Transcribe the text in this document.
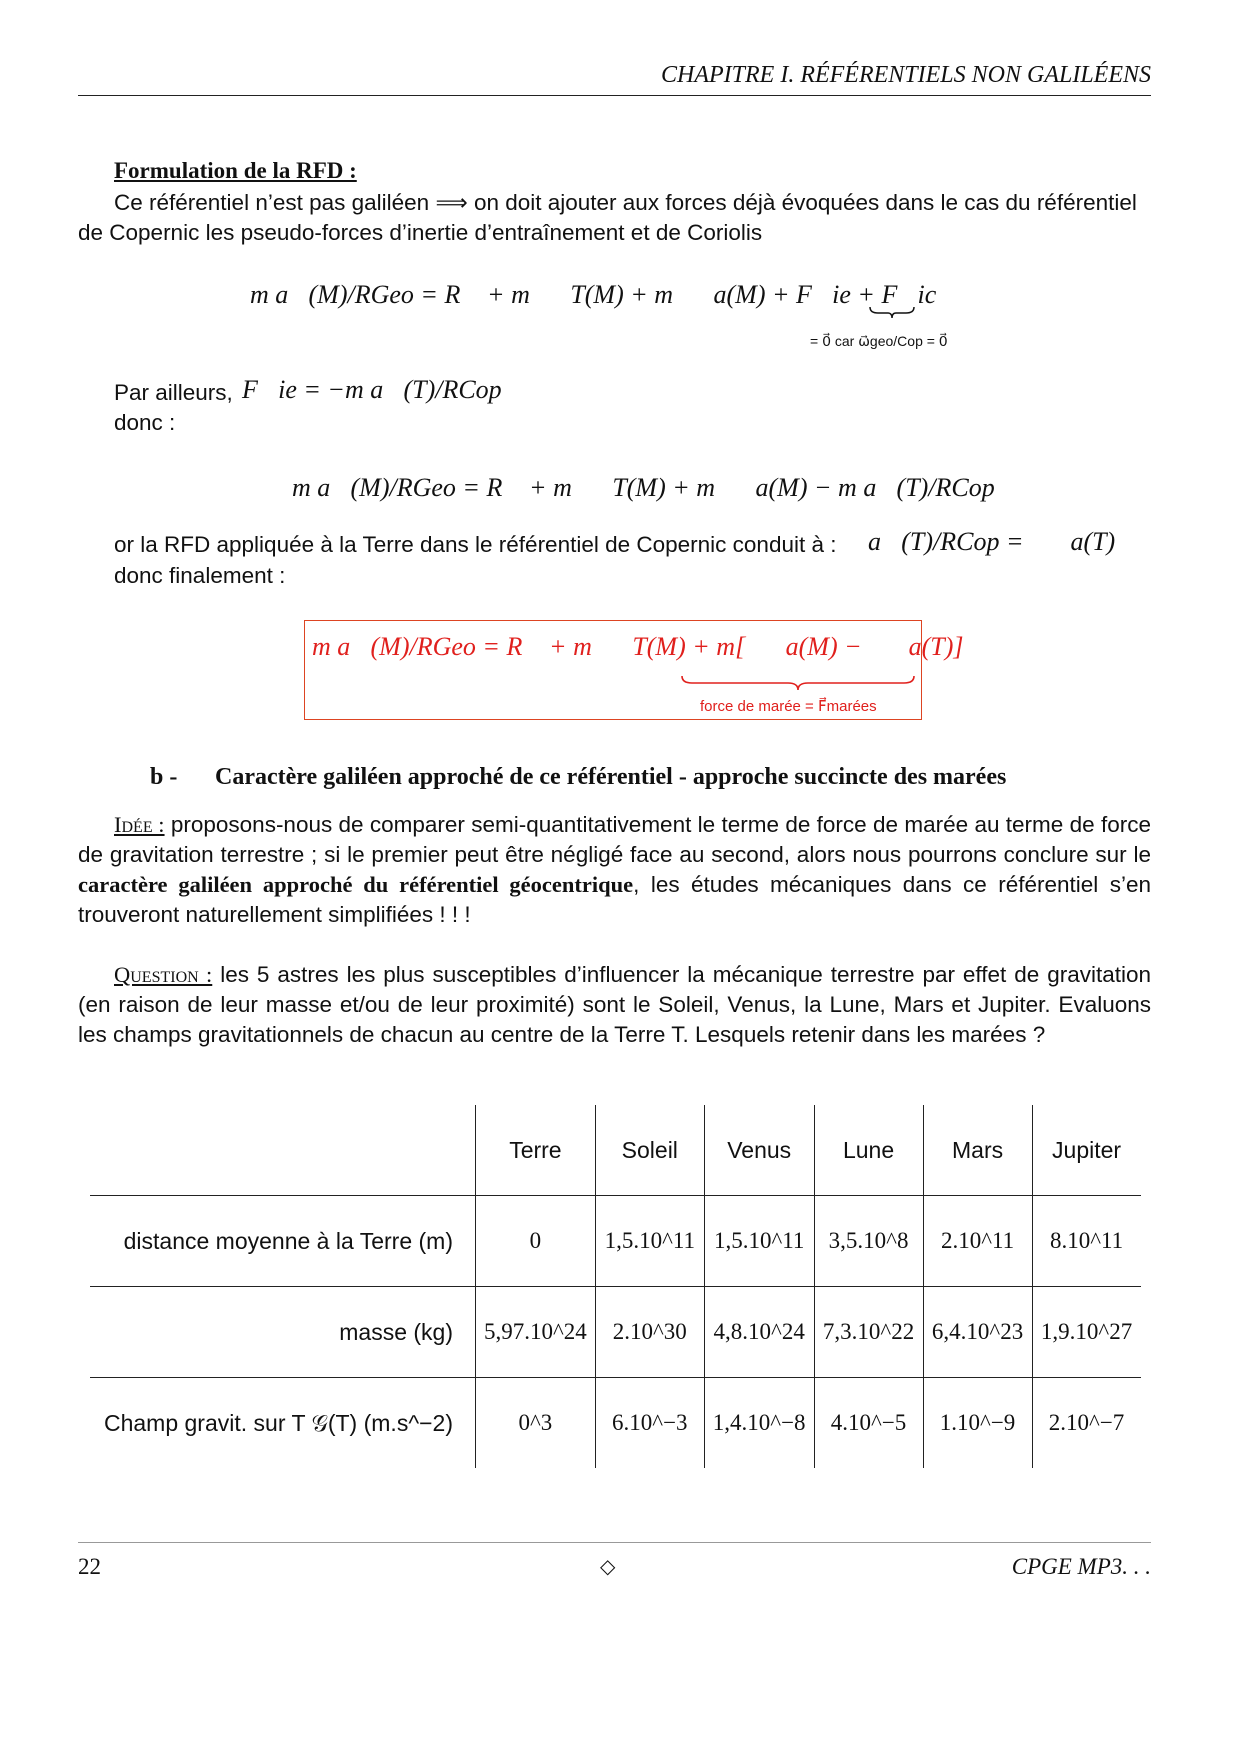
CHAPITRE I. RÉFÉRENTIELS NON GALILÉENS
Formulation de la RFD :
Ce référentiel n’est pas galiléen ⟹ on doit ajouter aux forces déjà évoquées dans le cas du référentiel de Copernic les pseudo-forces d’inertie d’entraînement et de Coriolis
m a⃗(M)/RGeo = R⃗ + m𝒢⃗T(M) + m𝒢⃗a(M) + F⃗ie + F⃗ic
= 0⃗ car ω⃗geo/Cop = 0⃗
Par ailleurs, F⃗ie = −m a⃗(T)/RCop
donc :
m a⃗(M)/RGeo = R⃗ + m𝒢⃗T(M) + m𝒢⃗a(M) − m a⃗(T)/RCop
or la RFD appliquée à la Terre dans le référentiel de Copernic conduit à : a⃗(T)/RCop = 𝒢⃗a(T)
donc finalement :
m a⃗(M)/RGeo = R⃗ + m𝒢⃗T(M) + m[𝒢⃗a(M) − 𝒢⃗a(T)]
force de marée = F⃗marées
b - Caractère galiléen approché de ce référentiel - approche succincte des marées
Idée : proposons-nous de comparer semi-quantitativement le terme de force de marée au terme de force de gravitation terrestre ; si le premier peut être négligé face au second, alors nous pourrons conclure sur le caractère galiléen approché du référentiel géocentrique, les études mécaniques dans ce référentiel s’en trouveront naturellement simplifiées ! ! !
Question : les 5 astres les plus susceptibles d’influencer la mécanique terrestre par effet de gravitation (en raison de leur masse et/ou de leur proximité) sont le Soleil, Venus, la Lune, Mars et Jupiter. Evaluons les champs gravitationnels de chacun au centre de la Terre T. Lesquels retenir dans les marées ?
	Terre	Soleil	Venus	Lune	Mars	Jupiter
distance moyenne à la Terre (m)	0	1,5.10^11	1,5.10^11	3,5.10^8	2.10^11	8.10^11
masse (kg)	5,97.10^24	2.10^30	4,8.10^24	7,3.10^22	6,4.10^23	1,9.10^27
Champ gravit. sur T 𝒢(T) (m.s^−2)	0^3	6.10^−3	1,4.10^−8	4.10^−5	1.10^−9	2.10^−7
22	◇	CPGE MP3. . .
